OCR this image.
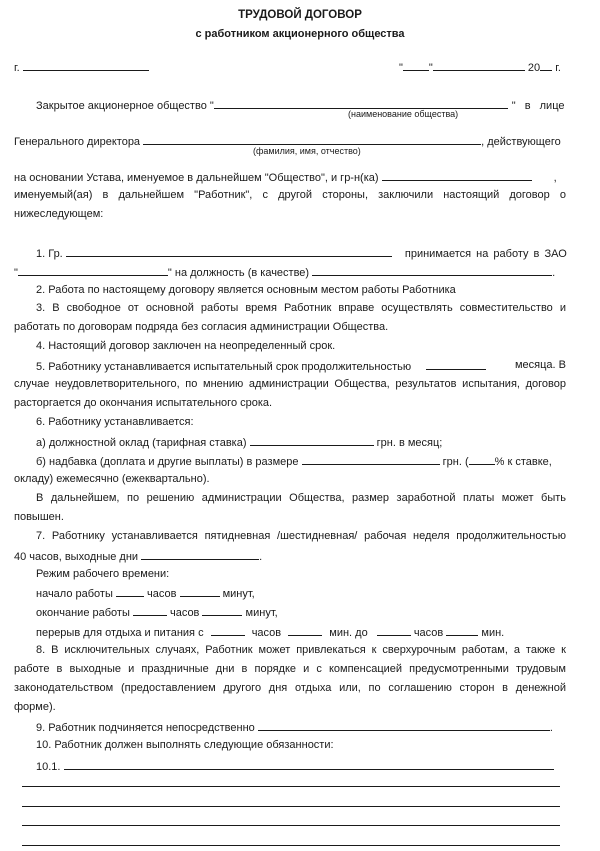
ТРУДОВОЙ ДОГОВОР
с работником акционерного общества
г.	" "	20 г.
Закрытое акционерное общество "	" в лице
(наименование общества)
Генерального директора	, действующего
(фамилия, имя, отчество)
на основании Устава, именуемое в дальнейшем "Общество", и гр-н(ка)	,
именуемый(ая) в дальнейшем "Работник", с другой стороны, заключили настоящий договор о
нижеследующем:
1. Гр.	принимается на работу в ЗАО
"	" на должность (в качестве)	.
2. Работа по настоящему договору является основным местом работы Работника
3. В свободное от основной работы время Работник вправе осуществлять совместительство и
работать по договорам подряда без согласия администрации Общества.
4. Настоящий договор заключен на неопределенный срок.
5. Работнику устанавливается испытательный срок продолжительностью	месяца. В
случае неудовлетворительного, по мнению администрации Общества, результатов испытания, договор
расторгается до окончания испытательного срока.
6. Работнику устанавливается:
а) должностной оклад (тарифная ставка)	грн. в месяц;
б) надбавка (доплата и другие выплаты) в размере	грн. ( % к ставке,
окладу) ежемесячно (ежеквартально).
В дальнейшем, по решению администрации Общества, размер заработной платы может быть
повышен.
7. Работнику устанавливается пятидневная /шестидневная/ рабочая неделя продолжительностью
40 часов, выходные дни	.
Режим рабочего времени:
начало работы	часов	минут,
окончание работы	часов	минут,
перерыв для отдыха и питания с	часов	мин. до	часов	мин.
8. В исключительных случаях, Работник может привлекаться к сверхурочным работам, а также к
работе в выходные и праздничные дни в порядке и с компенсацией предусмотренными трудовым
законодательством (предоставлением другого дня отдыха или, по соглашению сторон в денежной
форме).
9. Работник подчиняется непосредственно	.
10. Работник должен выполнять следующие обязанности:
10.1.
